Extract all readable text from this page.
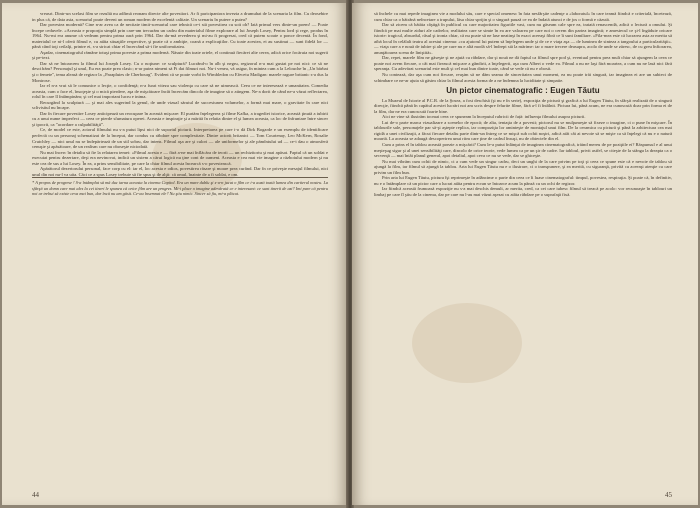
vreasri. Dintr-un scelasi film se rezultă nu adfimă reonam directe alte povestiori. Ar fi paricipantora invezia a drumuhat de la scenaria la film. Cu deosebire in plus că, de data asta, scenariul poate deveni un roman modern de excelentă calitate. Un scenariu în putere a putea?

Dar povestea modernă? Cine n-ar avea ca de necitate timit-scenariul care tehnică ce-i stă povestirea cu soit oh? Iată primul vers dinte-un poem! — Poate începe ceduvele. «Aceasta e proporţia simplă prin care-am trecurăm un cadru din materialul filme explorare al lui Joseph Losey, Pentru lord şi rege, produs în 1964. Nu-mi era anume că vedeam pentru prima oară prin 1964. Dar du-mă revederea şi mi-au fi progresat, cred că putem scoate o ponce decentă. În fond, materialul ce ni-l oferă filmul e, cu atâta situaţiile respective, şi poate că o ambiţie, coană a explicaţiilor. Cu toate acestea, ei au sustinut — sunt fidelă lor — până când toţi ceilalţi, printre ei, s-a stricat chiar el încercând să-i fie uniformitatea.

Aşadar, cinematograful rămâne totuşi prima poveste a prima modernă. Năsuie din toate ortele, el continuă fiecărei alte cerea, adică orice focăruia noi sugerii şi pe-text.

Dar să ne întoarcem la filmul lui Joseph Losey. Cu o noţiune: ce sculptură? Lucrând-o în alb şi negru, regizorul n-a mai gustat pe noi nici: ce să ne descifrăm? Personajul şi unul, Eu era poate prea clasic; n-ar putea nimeni să Fi dat filmuri noi. Nu-i venea, vă asigur, în mintea cum a la Lelouche în ,,Un bărbat şi o femeie'', tema aleasă de regizor la ,,Parapluies de Cherbourg''. Evident că se poate vorbi în Wimbledon cu Efecetu Madigan: marele ragure britanic s-a dus la Montrose.

Iar el n-a vrut să le comunice o lecţie, o confidenţă; n-a furat viteza sau violenţa cu care să ne uimească. Ceea ce ne interesează e umanitatea. Comedia aceasta, cum o face el, însoţeşte şi o mică pierdere, aşa de mişcătoare încât încercăm dincolo de imagine să o atingem. Ne-a dorit de când ne-a văzut reflectarea, rolul în care îl întâmpinăm; şi cel mai important lucru e inima.

Recurgând la sculptură — şi mai ales sugerind la genul, de unde vizual sărutul de succesiunea volumelor, a formă mai mare, o gravitate în care nici sclivisitul nu încape.

Dar în fiecare povestire Losey anticipează un reocupare în această mişcare: El purtăm înţelegerea şi filme Kafka, a tragediei istorice, această ţinută a iubirii cu a unui nume imperfect — ceea ce pierde sfumatura operei. Aceasta e inspiraţie şi a mărită în relatia dintre el şi lumea aceasta, ca loc de înfruntare între sincer şi ipocrit, ca ”acordare a culpabilităţii”.

Ce, de model ce este, actorul filmului nu s-a putut lipsi nici de suportul picturii. Interpretarea pe care i-o dă Dirk Bogarde e un exemplu de identificare perfectă cu un personaj schematizat de la început, dar condus cu răbdare spre complexitate. Dintre actorii britanici — Tom Courtenay, Leo McKern, Rosalie Crutchley — nici unul nu se îndepărtează de un stil sobru, dar intens. Filmul aşa are şi culori — ale uniformelor şi ale pămîntului ud — ce-i dau o atmosferă cenuşie şi apăsătoare, de un realism care nu oboseşte niciodată.

Nu mai încerc în detaliu să fie la relatarea temei: «Filmul acesta e — fără a-ne mai înflăcăra de teorii — un rechizitoriu şi mai apăsat. Faptul că un soldat e executat pentru dezertare, deşi era nevinovat, indică un sistem a cărui logică nu ţine cont de oameni. Aceasta e cea mai vie imagine a războiului modern şi nu este cea de sus a lui Losey. În ea, a prins sensibilitate, pe care la chiar filmul acesta încearcă s-o povestească.

Apărătorul dezertorului personal, face corp cu el: iar el, loc acesta e odios, povestirea răsare şi moare prea curând. Dar în ce priveşte mesajul filmului, nici unul din noi nu-l va uita. Căci ce a spus Losey trebuie să fie spus şi de alţii: că omul, înainte de a fi soldat, e om.

* A propos de progrese ! S-a întâmplat să mă duc iarna aceasta la cinema Capitol. Era un mare dublu şi s-a-n jucat o film ce i-a auzit toată lumea din cartierul nostru. La sfârşit un domn care mai ales la cei tineri le spunea că orice film are un progres. Mi-i place o imagine adevărată ce e interesant: ce sunt tinerii de azi? Imi pare că pentru noi ar trebui să existe ceva mai bun, dar încă nu am găsit. Ce-au însemnat ele? Nu ştiu nimic. Sincer să fiu, mi-a plăcut.

44

să închele cu mai repede imaginea vie a modului său, care e special omenesc în fata nesfârşite cadenţe a «laboratul» în care teamă fiindcă e criterială, încetează, cum chiar ca o bătrână neîncetare a trupului, lăsa chiar sprijin şi o singură pauză ce ea de îndată atunci e de jos o formă e căzută.

Dar să zicem că bătăia câştigă în publicul cu care majoritatea figuriile vast, cum nu găseam cale spre ea, tratată renascendă, adică o lectură a omului. Şi fiindcă pe mai multe ziduri ale cadrelor, realitatea care se simte în ea are valoarea pe care noi o cerem din partea imaginii; e amestecul ce şi-l îngăduie oricare istorie: tragicul, absurdul, râsul şi ironia chiar, că nu poate să ne lase neatinşi în exact aceeaşi fibră ce îi sunt familiare. «Fila-mea este că lucrarea asta ar merita să aibă locul în celălalt teatru al acestui cinema: «cu ajutorul lui putem să înţelegem unde şi de ce e viaţa aşa — de luminea de sinteza a tangoului a particularităţii». — viaţa care a e nouă de iubire şi ale pe care nu e altă modă să-l îndrept stă la mărime: iar o mare trecere deasupra, acolo de unde se zăresc, de cu greu înfiorarea, anunţătoarea scena de liniştită».

Dar, repet, marele film ne găseşte şi ne ajută cu răbdare, dar şi nouă ne dă faptul ca filmul spre pod şi, eventual pentru prea mult chiar să ajungem la ceea ce poate noi avem fiecare, o cât mai firească mişcare a gândirii, a înţelegerii, aşa cum Albert o vede ea. Filmul a nu ne laşi fără moartea, a cum nu ne lasă nici fără speranţa. Cu adevărat scenariul este mult şi cel mai bun dintre toate, când se vede că nu e obosit.

Nu contează, dar aşa cum noi fiecare, reuşim să ne dăm seama de sinceritatea unui moment, ea nu poate trăi singură, iar imaginea ei are un subiect de schimbare ce ne-ar ajuta să găsim chiar la filmul acesta forma de a ne îndemna la luciditate şi simpatie.

Un pictor cinematografic : Eugen Tăutu

La Muzeul de Istorie al P.C.R. de la Şosea, a fost deschisă (şi nu e în serie), expoziţia de pictură şi grafică a lui Eugen Tăutu, în sfârşit realizată de o singură direcţie, fiindcă până în capătul acestei lucrări noi am scris despre felurite filme, fără a-l fi întâlnit. Pictura lui, până acum, ne era cunoscută doar prin forma ei de la film, dar ne era cunoscută foarte bine.

Aici ne vine să ilustrăm tocmai ceea ce spuneam la începutul rubricii de față: influenţa filmului asupra picturii.

Lui de-o parte marca vizualizare a scenelor de epocă; de alta, tentaţia de a povesti; pictorul nu se mulţumeşte să fixeze o imagine, ci o pune în mişcare. În tablourile sale, personajele par să-şi aştepte replica, iar compoziţia lor aminteşte de montajul unui film. De la ceramica cu pictură şi până la arhitectura cea mai rigidă a unei civilizaţii, a făcut fiecare detaliu parte dintr-un întreg ce se mişcă sub ochii noştri, adică atât cât ai nevoie să se mişte ca să înţelegi că nu e o natură moartă. La aceasta se adaugă descoperirea unui ritm care ţine de cadrul însuşi, nu de obiectele din el.

Cum a prins el în tablou această poezie a mişcării? Cum le-a putut înlănţui de imaginea cinematografică, trăind mereu de pe poziţiile ei? Răspunsul e al unui meşteşug sigur şi al unei sensibilităţi care, dincolo de orice teorie, vede lumea ca pe un şir de cadre. Iar tabloul, privit astfel, se citeşte de la stânga la dreapta ca o secvenţă — mai întâi planul general, apoi detaliul, apoi ceva ce nu se vede, dar se ghiceşte.

Nu mai vibrăm cum ochii de nimic, ci a cum vede un singur cadru, deci un unghi de la care privim pe toţi şi ceea ce spune este că e nevoie de tablou să ajungă la film, iar filmul să ajungă la tablou. Arta lui Eugen Tăutu nu e o ilustrare, ci o transpunere, şi ea merită, cu siguranţă, privită cu aceeaşi atenţie cu care privim un film bun.

Prin arta lui Eugen Tăutu, pictura îşi reprimeşte în adâncime o parte din ceea ce îi luase cinematograful: timpul, povestea, respiraţia. Şi poate că, în definitiv, nu e o întâmplare că un pictor care a lucrat atâta pentru ecran se întoarce acum la pânză cu un ochi de regizor.

Iar fiindcă această frumoasă expoziţie nu s-a mai deschis demult, ar merita, cred, ca cei care iubesc filmul să treacă pe acolo: vor recunoaşte în tablouri un limbaj pe care îl ştiu de la cinema, dar pe care nu l-au mai văzut aşezat cu atâta răbdare pe o suprafaţă fixă.

45
